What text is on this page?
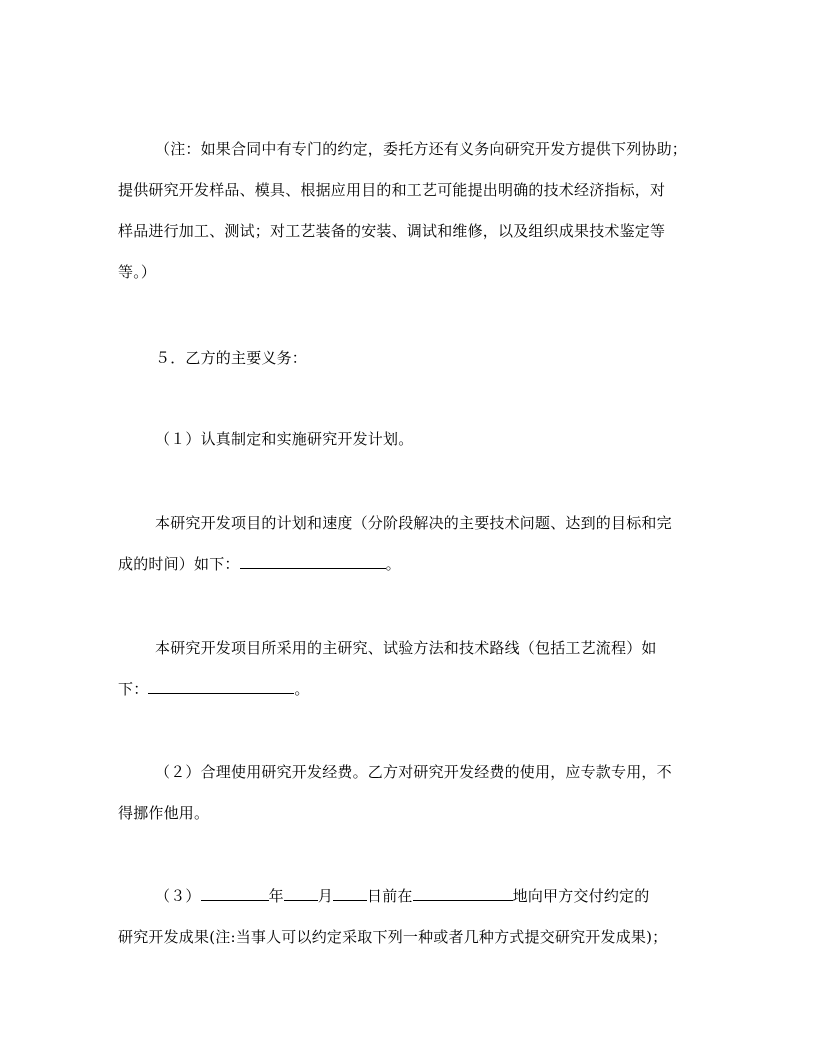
（注：如果合同中有专门的约定，委托方还有义务向研究开发方提供下列协助；
提供研究开发样品、模具、根据应用目的和工艺可能提出明确的技术经济指标，对
样品进行加工、测试；对工艺装备的安装、调试和维修，以及组织成果技术鉴定等
等。）
５．乙方的主要义务：
（１）认真制定和实施研究开发计划。
本研究开发项目的计划和速度（分阶段解决的主要技术问题、达到的目标和完
成的时间）如下：	。
本研究开发项目所采用的主研究、试验方法和技术路线（包括工艺流程）如
下：	。
（２）合理使用研究开发经费。乙方对研究开发经费的使用，应专款专用，不
得挪作他用。
（３）	年 月 日前在	地向甲方交付约定的
研究开发成果(注:当事人可以约定采取下列一种或者几种方式提交研究开发成果)；
